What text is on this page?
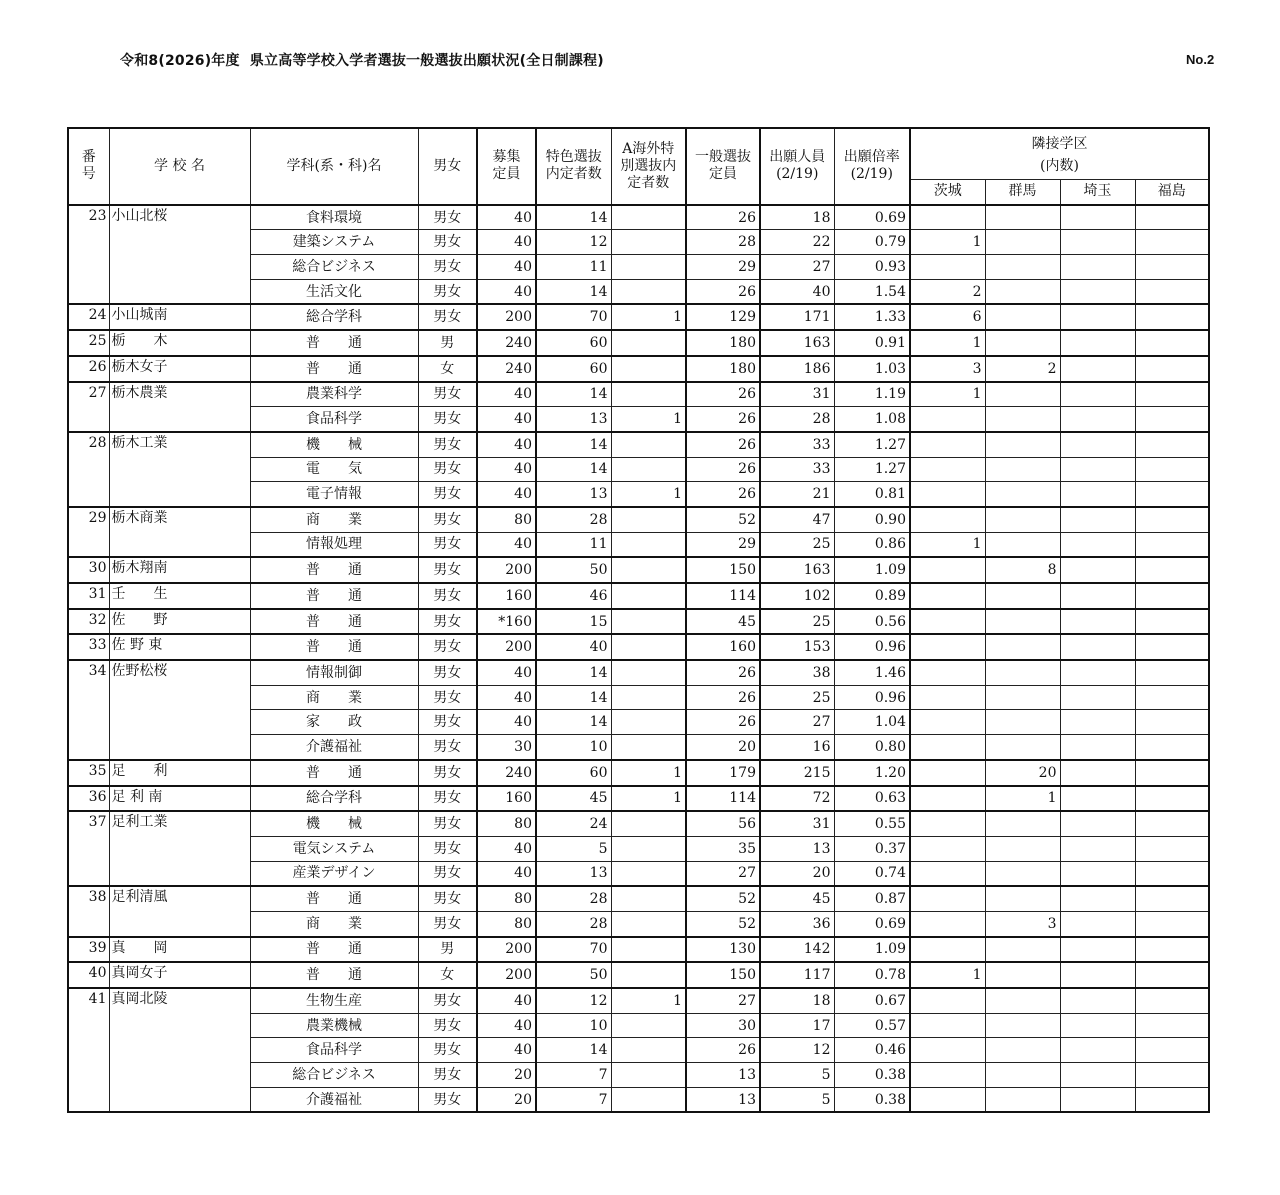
令和8(2026)年度  県立高等学校入学者選抜一般選抜出願状況(全日制課程)	No.2
番号	学 校 名	学科(系・科)名	男女	募集定員	特色選抜内定者数	A海外特別選抜内定者数	一般選抜定員	出願人員(2/19)	出願倍率(2/19)	隣接学区
(内数)			

										茨城	群馬	埼玉	福島
23	小山北桜	食料環境	男女	40	14		26	18	0.69				
		建築システム	男女	40	12		28	22	0.79	1			
		総合ビジネス	男女	40	11		29	27	0.93				
		生活文化	男女	40	14		26	40	1.54	2			
24	小山城南	総合学科	男女	200	70	1	129	171	1.33	6			
25	栃　　木	普　　通	男	240	60		180	163	0.91	1			
26	栃木女子	普　　通	女	240	60		180	186	1.03	3	2		
27	栃木農業	農業科学	男女	40	14		26	31	1.19	1			
		食品科学	男女	40	13	1	26	28	1.08				
28	栃木工業	機　　械	男女	40	14		26	33	1.27				
		電　　気	男女	40	14		26	33	1.27				
		電子情報	男女	40	13	1	26	21	0.81				
29	栃木商業	商　　業	男女	80	28		52	47	0.90				
		情報処理	男女	40	11		29	25	0.86	1			
30	栃木翔南	普　　通	男女	200	50		150	163	1.09		8		
31	壬　　生	普　　通	男女	160	46		114	102	0.89				
32	佐　　野	普　　通	男女	*160	15		45	25	0.56				
33	佐 野 東	普　　通	男女	200	40		160	153	0.96				
34	佐野松桜	情報制御	男女	40	14		26	38	1.46				
		商　　業	男女	40	14		26	25	0.96				
		家　　政	男女	40	14		26	27	1.04				
		介護福祉	男女	30	10		20	16	0.80				
35	足　　利	普　　通	男女	240	60	1	179	215	1.20		20		
36	足 利 南	総合学科	男女	160	45	1	114	72	0.63		1		
37	足利工業	機　　械	男女	80	24		56	31	0.55				
		電気システム	男女	40	5		35	13	0.37				
		産業デザイン	男女	40	13		27	20	0.74				
38	足利清風	普　　通	男女	80	28		52	45	0.87				
		商　　業	男女	80	28		52	36	0.69		3		
39	真　　岡	普　　通	男	200	70		130	142	1.09				
40	真岡女子	普　　通	女	200	50		150	117	0.78	1			
41	真岡北陵	生物生産	男女	40	12	1	27	18	0.67				
		農業機械	男女	40	10		30	17	0.57				
		食品科学	男女	40	14		26	12	0.46				
		総合ビジネス	男女	20	7		13	5	0.38				
		介護福祉	男女	20	7		13	5	0.38				
